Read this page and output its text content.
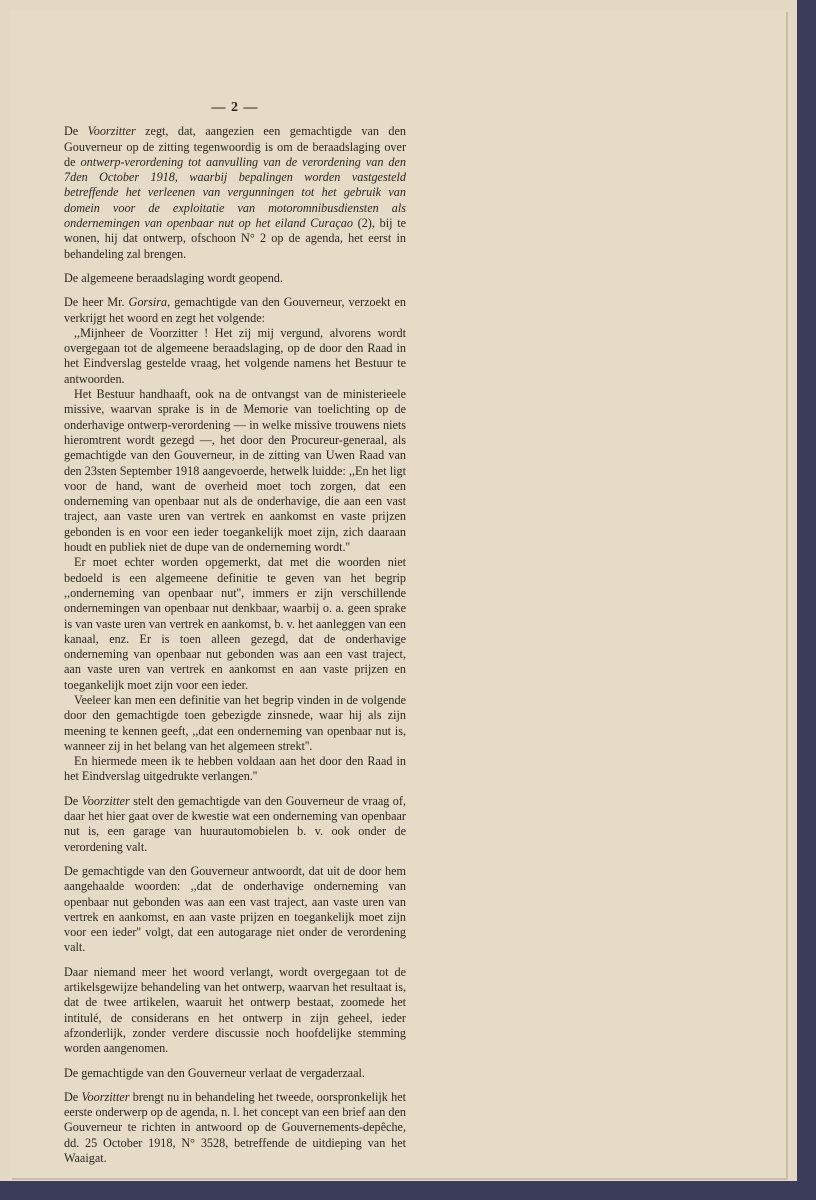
— 2 —

De Voorzitter zegt, dat, aangezien een gemachtigde van den Gouverneur op de zitting tegenwoordig is om de beraadslaging over de ontwerp-verordening tot aanvulling van de verordening van den 7den October 1918, waarbij bepalingen worden vastgesteld betreffende het verleenen van vergunningen tot het gebruik van domein voor de exploitatie van motoromnibusdiensten als ondernemingen van openbaar nut op het eiland Curaçao (2), bij te wonen, hij dat ontwerp, ofschoon N° 2 op de agenda, het eerst in behandeling zal brengen.

De algemeene beraadslaging wordt geopend.

De heer Mr. Gorsira, gemachtigde van den Gouverneur, verzoekt en verkrijgt het woord en zegt het volgende:

,,Mijnheer de Voorzitter ! Het zij mij vergund, alvorens wordt overgegaan tot de algemeene beraadslaging, op de door den Raad in het Eindverslag gestelde vraag, het volgende namens het Bestuur te antwoorden.

Het Bestuur handhaaft, ook na de ontvangst van de ministerieele missive, waarvan sprake is in de Memorie van toelichting op de onderhavige ontwerp-verordening — in welke missive trouwens niets hieromtrent wordt gezegd —, het door den Procureur-generaal, als gemachtigde van den Gouverneur, in de zitting van Uwen Raad van den 23sten September 1918 aangevoerde, hetwelk luidde: ,,En het ligt voor de hand, want de overheid moet toch zorgen, dat een onderneming van openbaar nut als de onderhavige, die aan een vast traject, aan vaste uren van vertrek en aankomst en vaste prijzen gebonden is en voor een ieder toegankelijk moet zijn, zich daaraan houdt en publiek niet de dupe van de onderneming wordt.''

Er moet echter worden opgemerkt, dat met die woorden niet bedoeld is een algemeene definitie te geven van het begrip ,,onderneming van openbaar nut'', immers er zijn verschillende ondernemingen van openbaar nut denkbaar, waarbij o. a. geen sprake is van vaste uren van vertrek en aankomst, b. v. het aanleggen van een kanaal, enz. Er is toen alleen gezegd, dat de onderhavige onderneming van openbaar nut gebonden was aan een vast traject, aan vaste uren van vertrek en aankomst en aan vaste prijzen en toegankelijk moet zijn voor een ieder.

Veeleer kan men een definitie van het begrip vinden in de volgende door den gemachtigde toen gebezigde zinsnede, waar hij als zijn meening te kennen geeft, ,,dat een onderneming van openbaar nut is, wanneer zij in het belang van het algemeen strekt''.

En hiermede meen ik te hebben voldaan aan het door den Raad in het Eindverslag uitgedrukte verlangen.''

De Voorzitter stelt den gemachtigde van den Gouverneur de vraag of, daar het hier gaat over de kwestie wat een onderneming van openbaar nut is, een garage van huurautomobielen b. v. ook onder de verordening valt.

De gemachtigde van den Gouverneur antwoordt, dat uit de door hem aangehaalde woorden: ,,dat de onderhavige onderneming van openbaar nut gebonden was aan een vast traject, aan vaste uren van vertrek en aankomst, en aan vaste prijzen en toegankelijk moet zijn voor een ieder'' volgt, dat een autogarage niet onder de verordening valt.

Daar niemand meer het woord verlangt, wordt overgegaan tot de artikelsgewijze behandeling van het ontwerp, waarvan het resultaat is, dat de twee artikelen, waaruit het ontwerp bestaat, zoomede het intitulé, de considerans en het ontwerp in zijn geheel, ieder afzonderlijk, zonder verdere discussie noch hoofdelijke stemming worden aangenomen.

De gemachtigde van den Gouverneur verlaat de vergaderzaal.

De Voorzitter brengt nu in behandeling het tweede, oorspronkelijk het eerste onderwerp op de agenda, n. l. het concept van een brief aan den Gouverneur te richten in antwoord op de Gouvernements-depêche, dd. 25 October 1918, N° 3528, betreffende de uitdieping van het Waaigat.
